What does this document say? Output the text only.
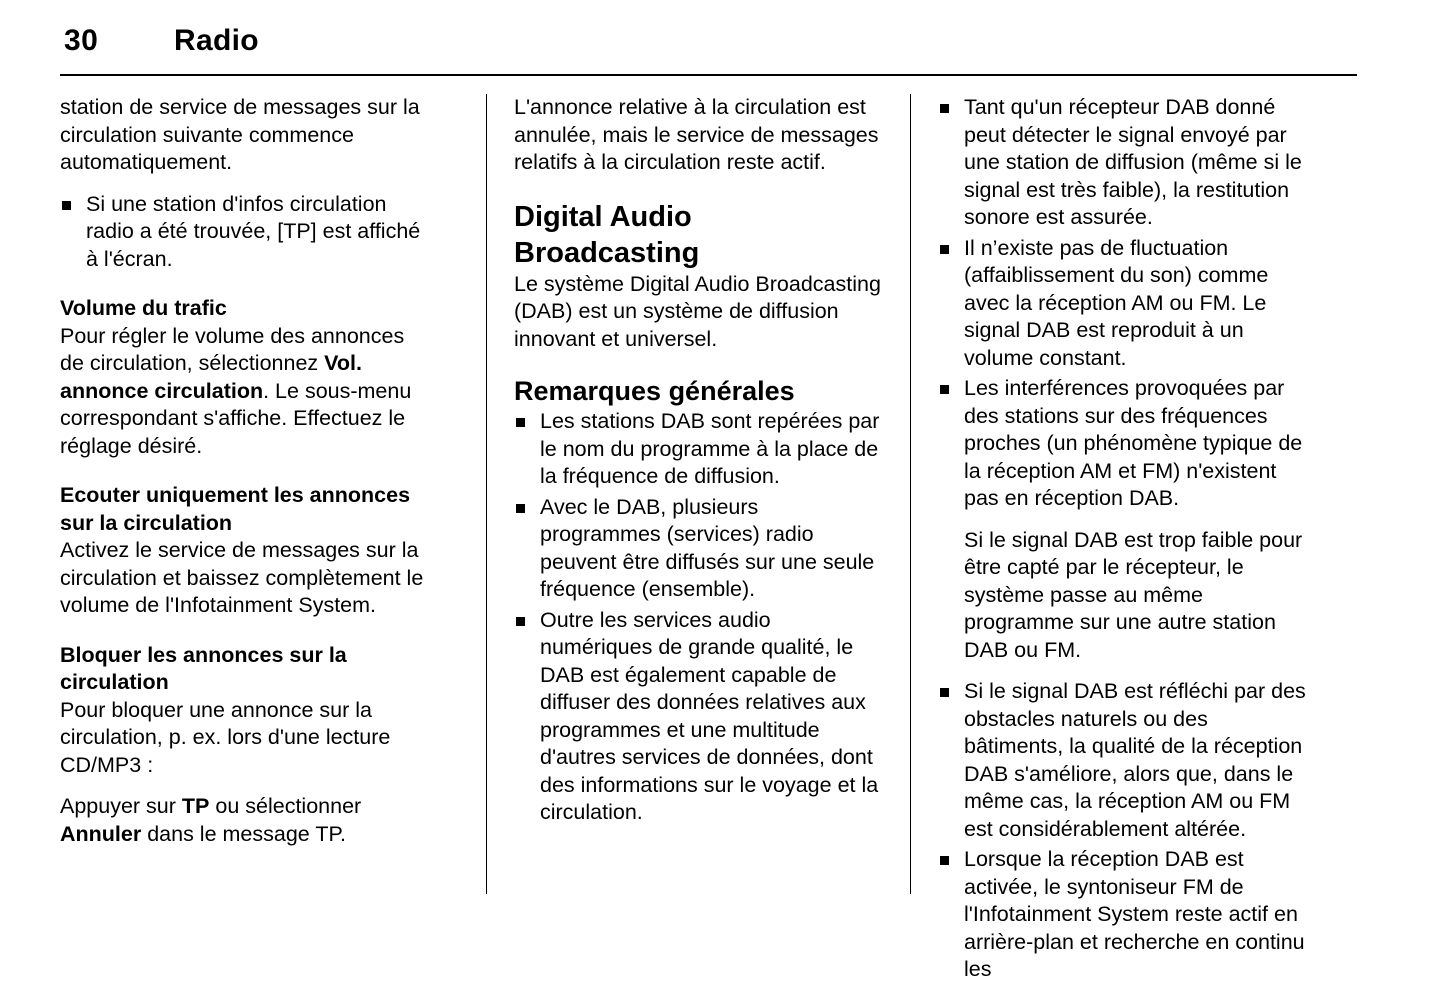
30	Radio

station de service de messages sur la circulation suivante commence automatiquement.

Si une station d'infos circulation radio a été trouvée, [TP] est affiché à l'écran.
Volume du trafic

Pour régler le volume des annonces de circulation, sélectionnez Vol. annonce circulation. Le sous-menu correspondant s'affiche. Effectuez le réglage désiré.

Ecouter uniquement les annonces sur la circulation

Activez le service de messages sur la circulation et baissez complètement le volume de l'Infotainment System.

Bloquer les annonces sur la circulation

Pour bloquer une annonce sur la circulation, p. ex. lors d'une lecture CD/MP3 :

Appuyer sur TP ou sélectionner Annuler dans le message TP.

L'annonce relative à la circulation est annulée, mais le service de messages relatifs à la circulation reste actif.

Digital Audio Broadcasting

Le système Digital Audio Broadcasting (DAB) est un système de diffusion innovant et universel.

Remarques générales
Les stations DAB sont repérées par le nom du programme à la place de la fréquence de diffusion.
Avec le DAB, plusieurs programmes (services) radio peuvent être diffusés sur une seule fréquence (ensemble).
Outre les services audio numériques de grande qualité, le DAB est également capable de diffuser des données relatives aux programmes et une multitude d'autres services de données, dont des informations sur le voyage et la circulation.
Tant qu'un récepteur DAB donné peut détecter le signal envoyé par une station de diffusion (même si le signal est très faible), la restitution sonore est assurée.
Il n’existe pas de fluctuation (affaiblissement du son) comme avec la réception AM ou FM. Le signal DAB est reproduit à un volume constant.
Les interférences provoquées par des stations sur des fréquences proches (un phénomène typique de la réception AM et FM) n'existent pas en réception DAB.

Si le signal DAB est trop faible pour être capté par le récepteur, le système passe au même programme sur une autre station DAB ou FM.

Si le signal DAB est réfléchi par des obstacles naturels ou des bâtiments, la qualité de la réception DAB s'améliore, alors que, dans le même cas, la réception AM ou FM est considérablement altérée.
Lorsque la réception DAB est activée, le syntoniseur FM de l'Infotainment System reste actif en arrière-plan et recherche en continu les
